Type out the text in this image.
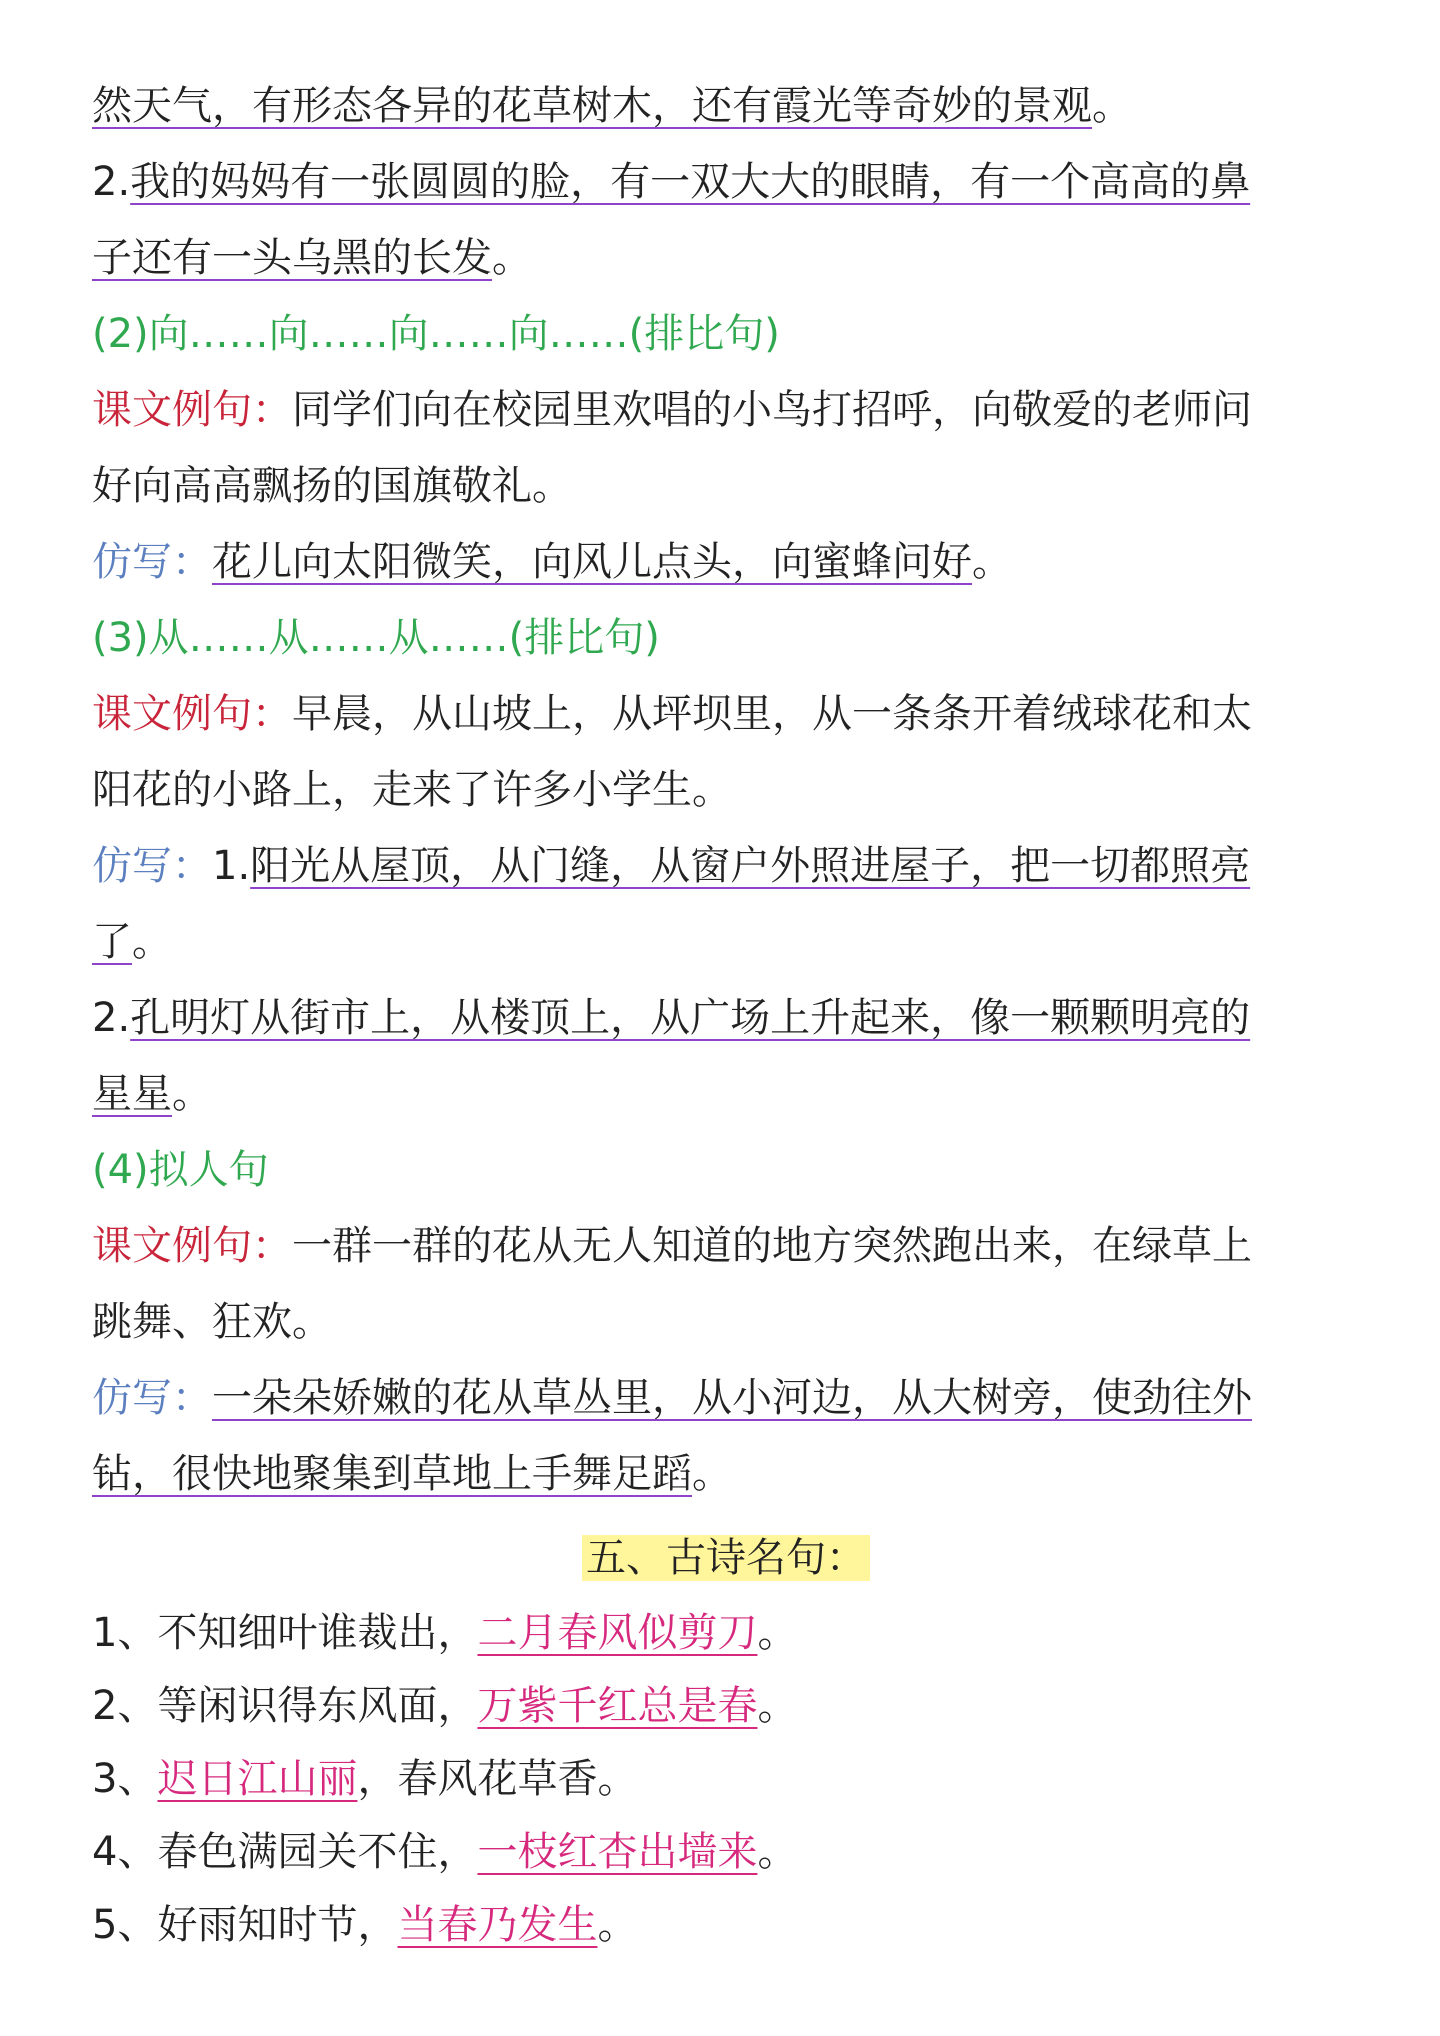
然天气，有形态各异的花草树木，还有霞光等奇妙的景观。
2.我的妈妈有一张圆圆的脸，有一双大大的眼睛，有一个高高的鼻
子还有一头乌黑的长发。
(2)向……向……向……向……(排比句)
课文例句：同学们向在校园里欢唱的小鸟打招呼，向敬爱的老师问
好向高高飘扬的国旗敬礼。
仿写：花儿向太阳微笑，向风儿点头，向蜜蜂问好。
(3)从……从……从……(排比句)
课文例句：早晨，从山坡上，从坪坝里，从一条条开着绒球花和太
阳花的小路上，走来了许多小学生。
仿写：1.阳光从屋顶，从门缝，从窗户外照进屋子，把一切都照亮
了。
2.孔明灯从街市上，从楼顶上，从广场上升起来，像一颗颗明亮的
星星。
(4)拟人句
课文例句：一群一群的花从无人知道的地方突然跑出来，在绿草上
跳舞、狂欢。
仿写：一朵朵娇嫩的花从草丛里，从小河边，从大树旁，使劲往外
钻，很快地聚集到草地上手舞足蹈。
五、古诗名句：
1、不知细叶谁裁出，二月春风似剪刀。
2、等闲识得东风面，万紫千红总是春。
3、迟日江山丽，春风花草香。
4、春色满园关不住，一枝红杏出墙来。
5、好雨知时节，当春乃发生。
